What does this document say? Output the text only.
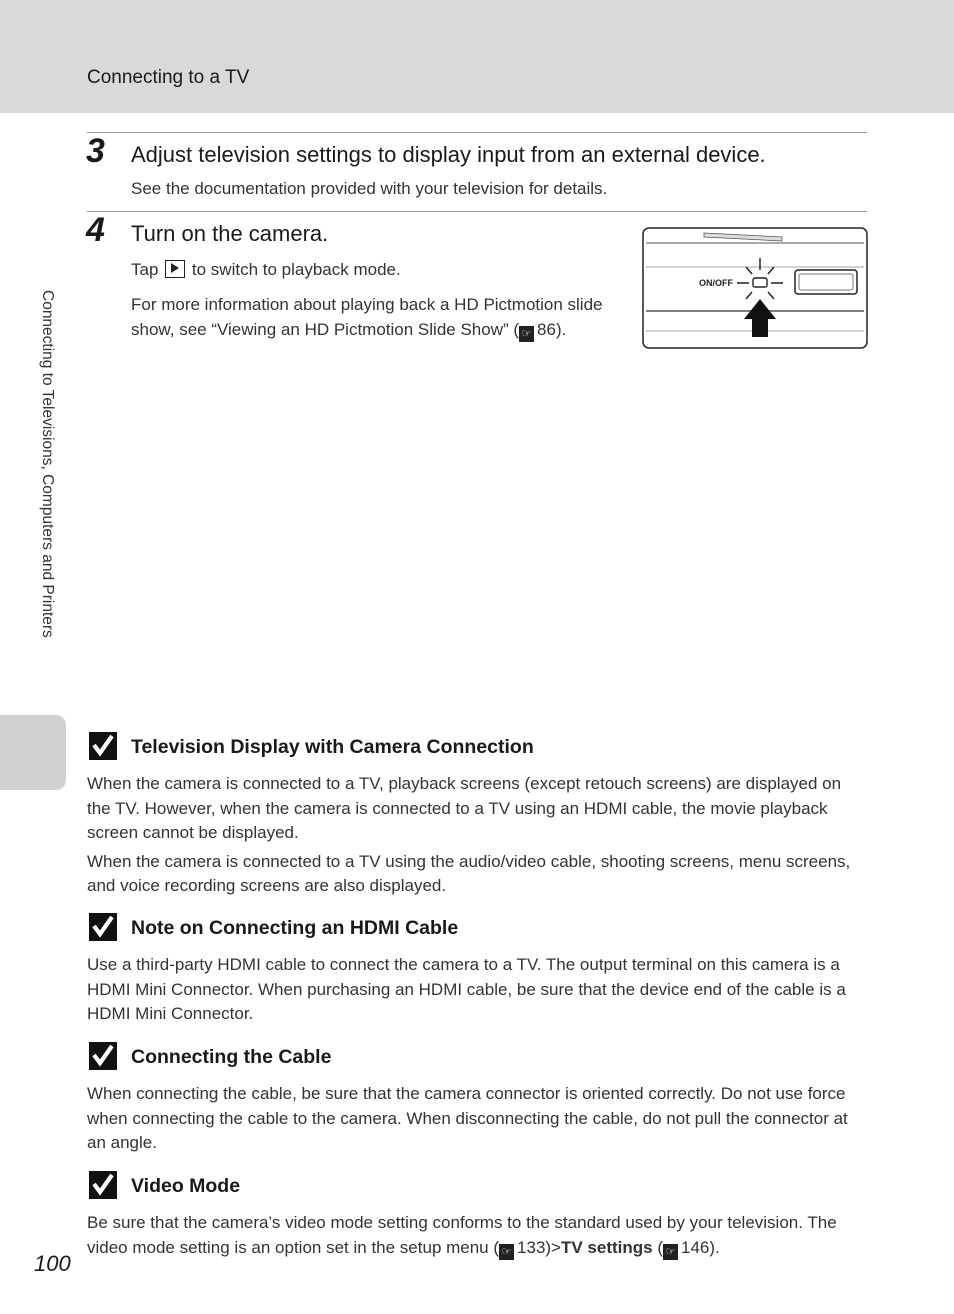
Connecting to a TV
Connecting to Televisions, Computers and Printers
3 Adjust television settings to display input from an external device.
See the documentation provided with your television for details.
4 Turn on the camera.
Tap to switch to playback mode.
For more information about playing back a HD Pictmotion slide show, see “Viewing an HD Pictmotion Slide Show” ( ☞ 86).
ON/OFF
Television Display with Camera Connection

When the camera is connected to a TV, playback screens (except retouch screens) are displayed on the TV. However, when the camera is connected to a TV using an HDMI cable, the movie playback screen cannot be displayed.

When the camera is connected to a TV using the audio/video cable, shooting screens, menu screens, and voice recording screens are also displayed.

Note on Connecting an HDMI Cable

Use a third-party HDMI cable to connect the camera to a TV. The output terminal on this camera is a HDMI Mini Connector. When purchasing an HDMI cable, be sure that the device end of the cable is a HDMI Mini Connector.

Connecting the Cable

When connecting the cable, be sure that the camera connector is oriented correctly. Do not use force when connecting the cable to the camera. When disconnecting the cable, do not pull the connector at an angle.

Video Mode
Be sure that the camera’s video mode setting conforms to the standard used by your television. The video mode setting is an option set in the setup menu ( ☞ 133)>TV settings ( ☞ 146).
100
